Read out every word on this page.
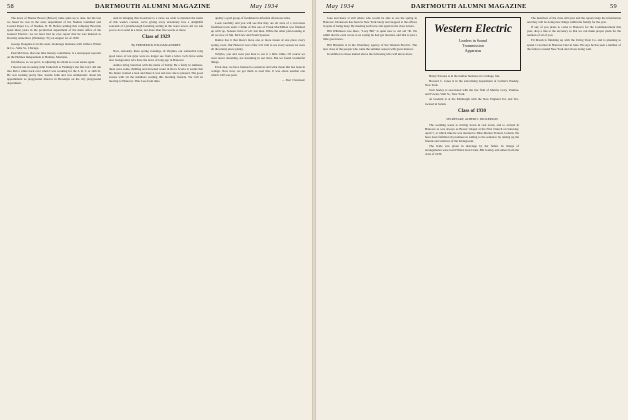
58	DARTMOUTH ALUMNI MAGAZINE	May 1934

The news of Horner Bower (Bower) came quite up to date, but the late we heard he was in the sales department of the Nashua Gummed and Coated Paper Co. of Nashua, N. H. Before joining this company Brownie spent three years in the production department of the main office of the General Electric. As we have had no ever report that he was married to Dorothy Anne Rice (Wellesley '31) on August 1st of 1930.

George Douglass is in the steel, brokerage business with Gilbert, Elliott & Co., Salle St., Chicago.

Paul McClure, that one time literary contributor, is a newspaper reporter on the Holmes Independent at Holmes, Montana.

Jim Moore, so we get it, is adjusting its obtain as a real estate agent.

I moved one in seeing John Tarkevich at Fleming's last fall, but I did run into him a while back over when I was working for the S. R. T. at 14th St. He was looking pretty fine. Seems John and was enthusiastic about his appointment as playground director in Brooklyn on the city playground department.

And in bringing this broadcast to a close we wish to mention the items of this week's contest, we're giving away absolutely free a delightful souvenir of Lyndeborough featuring setting in the water tower. All we ask you to do is send in a letter, not more than five words or more.

Class of 1929
By FREDERICK WILLIAM ANDRES

Now, seriously, there spring evenings, in Virginia, our somewhat long good news of ten guys were no longer see from a letter. Let's have some new background, let's have the news of long ago in Hanover.

Author bring Sanction with the name of Teddy. Be a fairly in Amherst, there were some, thrilling and drowned water in Nova Scotia. It seems that his Junior wanted a boat and there it was and now she is pleased. The good stories with all the members reading this morning fireside. We will be moving to Hanover. This I see from time.

quality a gold group of freshmen in informal afternoon attire.

Look carefully and you will see that they are all stars of a victorious freshman track team. I think of this one of Frank MacMillan was finished up with 'op. Senator Juice at 'o31 last then. While the other plan looking at all we now of Jim, McCraw and Frank Spencer.

Rumor has it that there's more one or more dozen of one place every spring, even. Our Hanover was a fine 'o31 trail to see every season we were all the plenty place plenty.

Tallyho, you and were just here to see it a little while. Of course we were never dreaming, not dreaming in our lives. But we found wonderful things.

Even dear, we have listened to ourselves and what made this has been in college. Now now, we got them to read this. It was about another one which 1.00 was paid.

— Your Classmate

May 1934	DARTMOUTH ALUMNI MAGAZINE	59

Jone and knew at still others who would be able to see the spring in Hanover. Dickerson has been in New York lately and stopped at the offices in spite of being busy. By meeting both now and again in the class is here.

Bill Wilkinson was there, "Lazy Bill" is quite new to old old '30. We admit that he even wrote to us saying he had got married, and that is just a little good news.

Bill Hawkins is in the Waterbury agency of the Western Electric. The new class of the people who came the summer season with great interest.

In addition to those named above the following who will know more.

Western Electric
Leaders in Sound
Transmission
Apparatus

Henry Parsons is in the lumber business in Carthage, Me.

Howard C. Jones is in the advertising department of Collier's Weekly, New York.

Tom Seeley is associated with the law firm of Martin, Levy, Vaurine, and Fowler, Wall St., New York.

Al Graham is at the Edinburgh with the New England Tel. and Tel., located in Salem.

Class of 1930
SECRETARY, ALBERT I. DICKERSON

The wedding scene is writing down in real event, and to arrived in Hanover as was always as Bower Chapel at the First Church on Saturday, April 7, at which time he was married to Miss Marion Frances Coburn. We have been fulfilled all promises in adding to the sentence by raising up the friends and relatives of the bridegroom.

The bride was given in marriage by her father. In charge of arrangements were Gail Fifield, Ken Clark, Bill Ganley and others from the class of 1930.

The members of the class still pass and the reports help the information and they will be doing new things within the family for the year.

If any of you plans to come to Hanover for the Commencement this year, drop a line to the secretary so that we can make proper plans for the reunion of all of you.

Ed Marsh is finishing up with the Irving Trust Co. and is planning to spend a vacation in Hanover later in June. He says he has seen a number of the fellows around New York and all are doing well.
